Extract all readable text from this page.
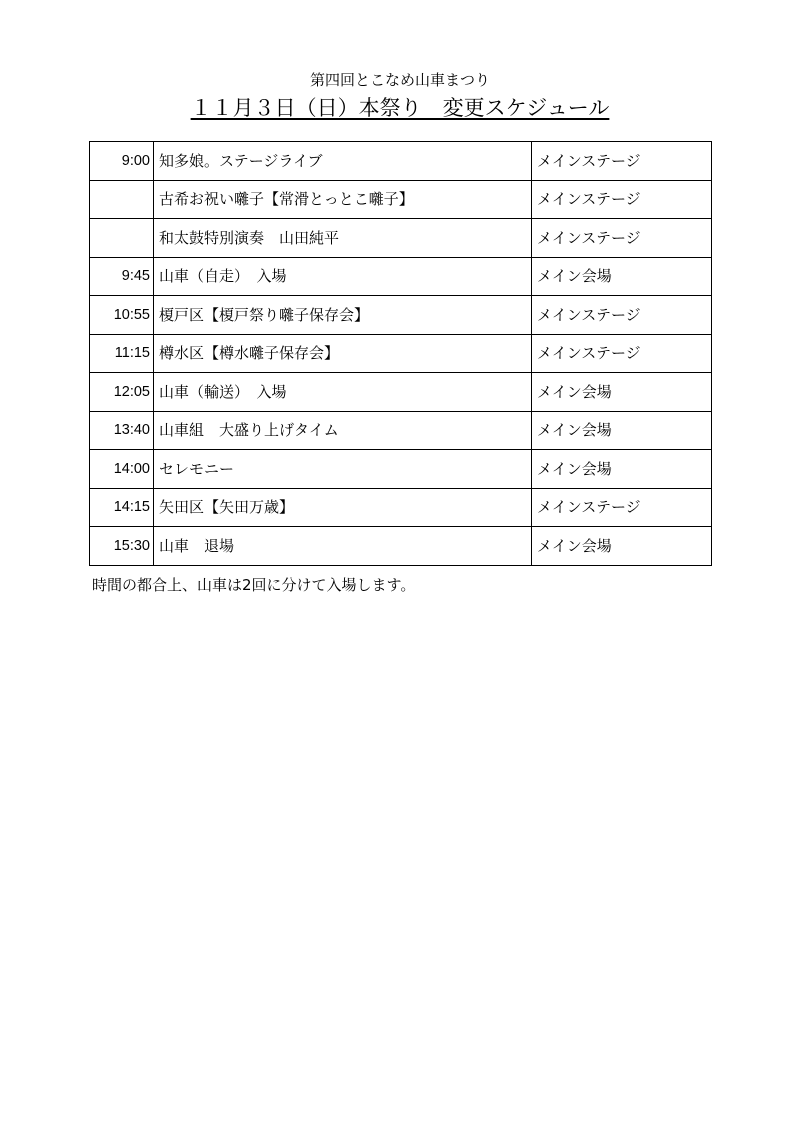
第四回とこなめ山車まつり
１１月３日（日）本祭り　変更スケジュール
9:00	知多娘。ステージライブ	メインステージ
	古希お祝い囃子【常滑とっとこ囃子】	メインステージ
	和太鼓特別演奏　山田純平	メインステージ
9:45	山車（自走）　入場	メイン会場
10:55	榎戸区【榎戸祭り囃子保存会】	メインステージ
11:15	樽水区【樽水囃子保存会】	メインステージ
12:05	山車（輸送）　入場	メイン会場
13:40	山車組　大盛り上げタイム	メイン会場
14:00	セレモニー	メイン会場
14:15	矢田区【矢田万歳】	メインステージ
15:30	山車　退場	メイン会場
時間の都合上、山車は2回に分けて入場します。
